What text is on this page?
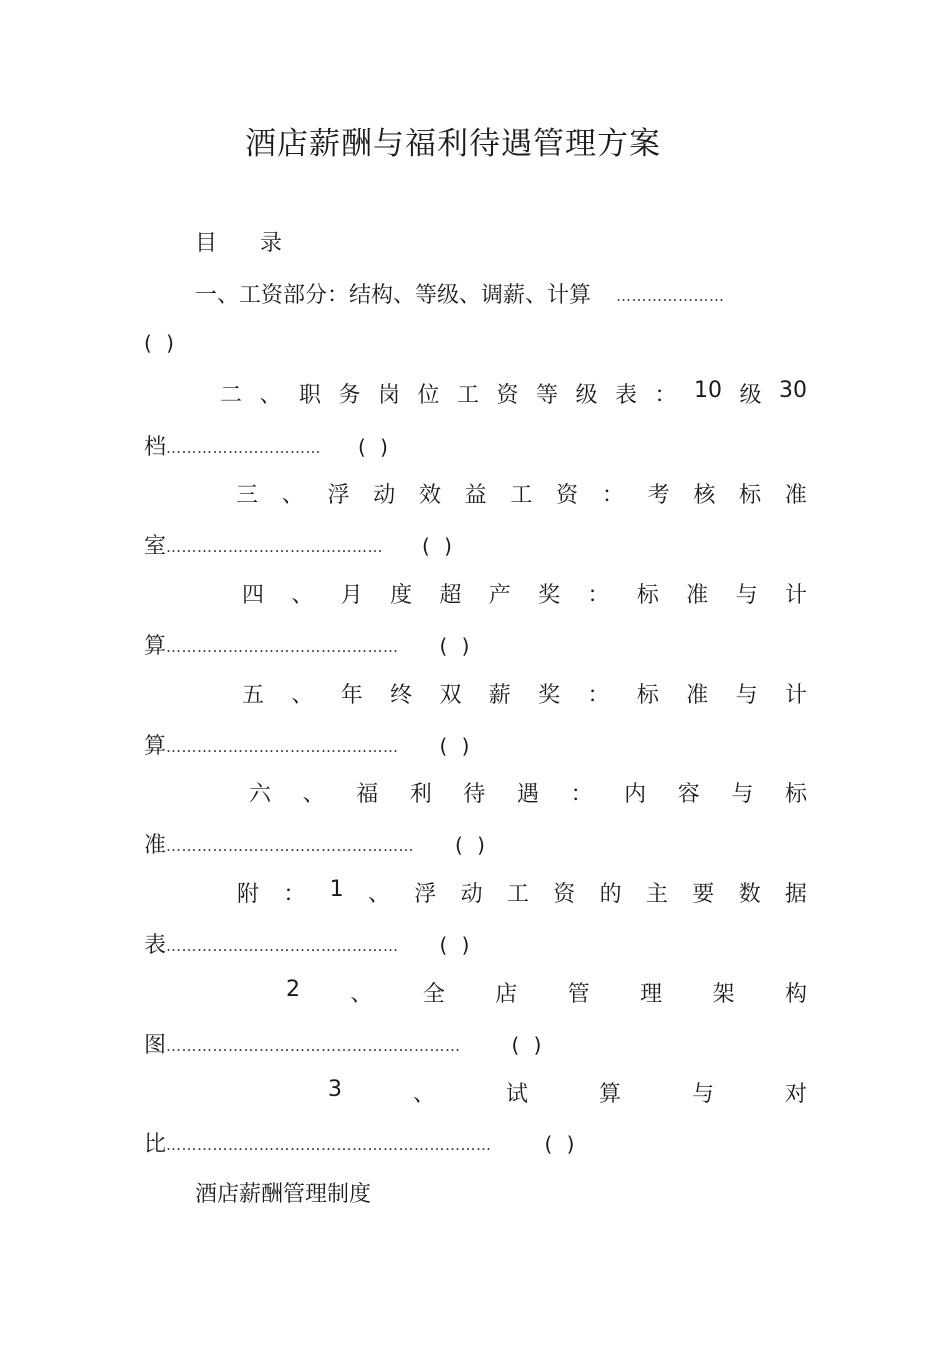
酒店薪酬与福利待遇管理方案
目 录
一、工资部分：结构、等级、调薪、计算 …………………
( )
二 、 职 务 岗 位 工 资 等 级 表 ： 10 级 30
档………………………… ( )
三 、 浮 动 效 益 工 资 ： 考 核 标 准
室…………………………………… ( )
四 、 月 度 超 产 奖 ： 标 准 与 计
算……………………………………… ( )
五 、 年 终 双 薪 奖 ： 标 准 与 计
算……………………………………… ( )
六 、 福 利 待 遇 ： 内 容 与 标
准………………………………………… ( )
附 ： 1 、 浮 动 工 资 的 主 要 数 据
表……………………………………… ( )
2 、 全 店 管 理 架 构
图…………………………………………………	( )
3	、	试	算	与	对
比………………………………………………………	( )
酒店薪酬管理制度
